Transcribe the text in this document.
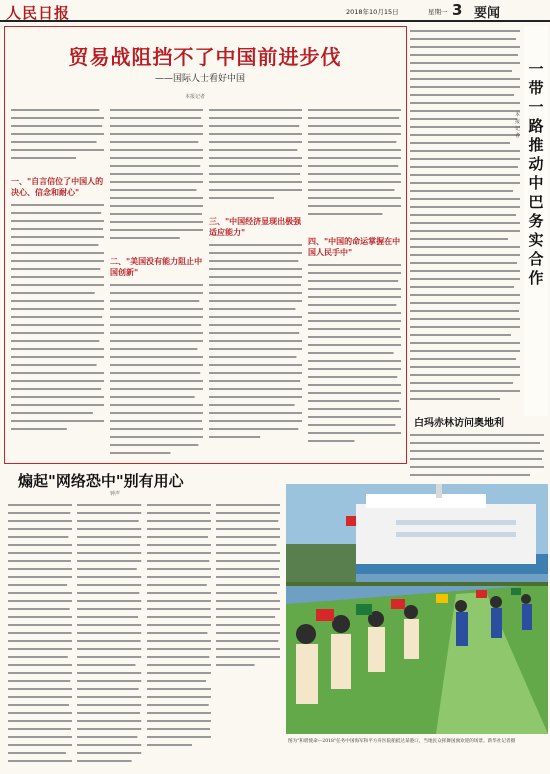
人民日报	2018年10月15日	星期一 3 要闻
贸易战阻挡不了中国前进步伐
——国际人士看好中国
本报记者
一、"自言信位了中国人的决心、信念和耐心"
二、"美国没有能力阻止中国创新"
三、"中国经济显现出极强适应能力"
四、"中国的命运掌握在中国人民手中"
一带一路推动中巴务实合作
本报记者
白玛赤林访问奥地利
煽起"网络恐中"别有用心
钟声
图为"和谐使命—2018"任务中国海军和平方舟医院船抵达某港口，当地民众挥舞国旗欢迎的场景。新华社记者摄
